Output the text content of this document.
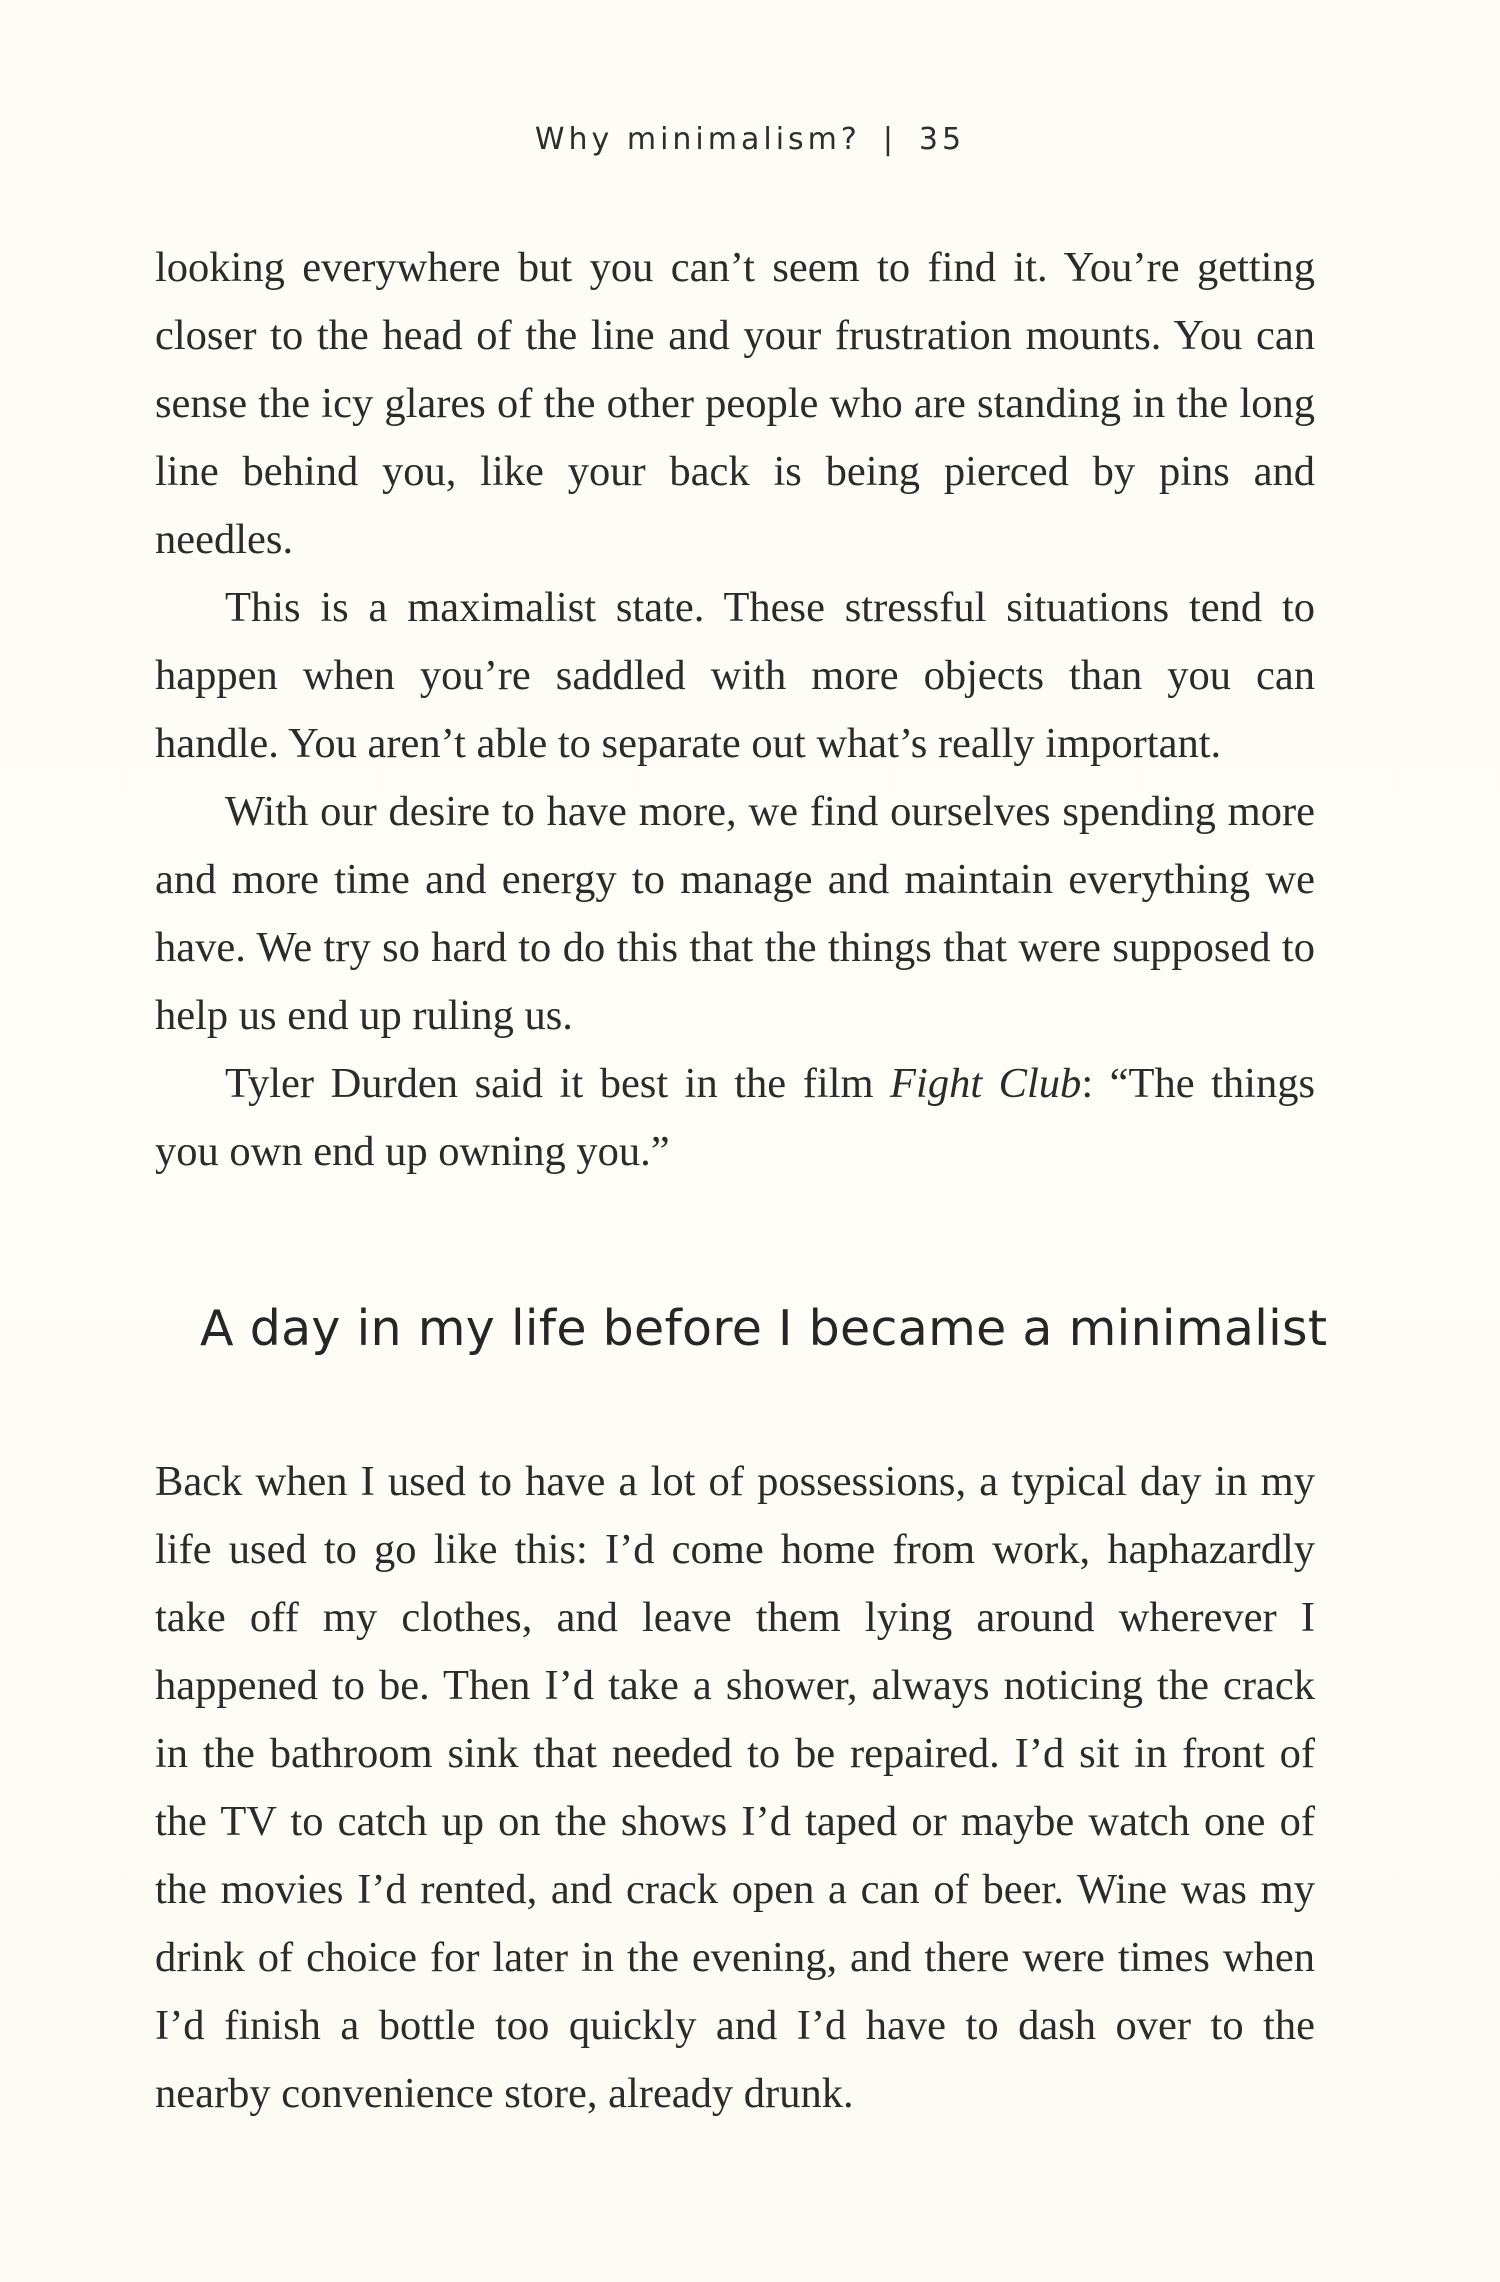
Why minimalism? | 35

looking everywhere but you can’t seem to find it. You’re getting closer to the head of the line and your frustration mounts. You can sense the icy glares of the other people who are standing in the long line behind you, like your back is being pierced by pins and needles.

This is a maximalist state. These stressful situations tend to happen when you’re saddled with more objects than you can handle. You aren’t able to separate out what’s really important.

With our desire to have more, we find ourselves spending more and more time and energy to manage and maintain everything we have. We try so hard to do this that the things that were supposed to help us end up ruling us.

Tyler Durden said it best in the film Fight Club: “The things you own end up owning you.”

A day in my life before I became a minimalist

Back when I used to have a lot of possessions, a typical day in my life used to go like this: I’d come home from work, haphazardly take off my clothes, and leave them lying around wherever I happened to be. Then I’d take a shower, always noticing the crack in the bathroom sink that needed to be repaired. I’d sit in front of the TV to catch up on the shows I’d taped or maybe watch one of the movies I’d rented, and crack open a can of beer. Wine was my drink of choice for later in the evening, and there were times when I’d finish a bottle too quickly and I’d have to dash over to the nearby convenience store, already drunk.
